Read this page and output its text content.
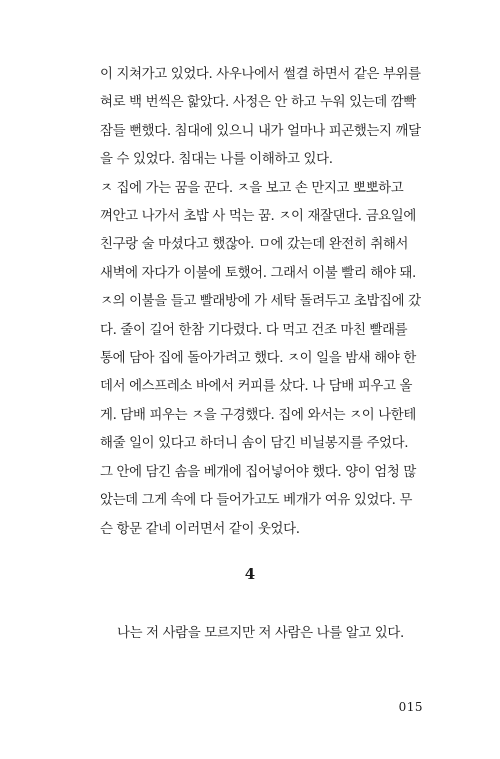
이 지쳐가고 있었다. 사우나에서 썰결 하면서 같은 부위를
혀로 백 번씩은 핥았다. 사정은 안 하고 누워 있는데 깜빡
잠들 뻔했다. 침대에 있으니 내가 얼마나 피곤했는지 깨달
을 수 있었다. 침대는 나를 이해하고 있다.
ㅈ 집에 가는 꿈을 꾼다. ㅈ을 보고 손 만지고 뽀뽀하고
껴안고 나가서 초밥 사 먹는 꿈. ㅈ이 재잘댄다. 금요일에
친구랑 술 마셨다고 했잖아. ㅁ에 갔는데 완전히 취해서
새벽에 자다가 이불에 토했어. 그래서 이불 빨리 해야 돼.
ㅈ의 이불을 들고 빨래방에 가 세탁 돌려두고 초밥집에 갔
다. 줄이 길어 한참 기다렸다. 다 먹고 건조 마친 빨래를
통에 담아 집에 돌아가려고 했다. ㅈ이 일을 밤새 해야 한
데서 에스프레소 바에서 커피를 샀다. 나 담배 피우고 올
게. 담배 피우는 ㅈ을 구경했다. 집에 와서는 ㅈ이 나한테
해줄 일이 있다고 하더니 솜이 담긴 비닐봉지를 주었다.
그 안에 담긴 솜을 베개에 집어넣어야 했다. 양이 엄청 많
았는데 그게 속에 다 들어가고도 베개가 여유 있었다. 무
슨 항문 같네 이러면서 같이 웃었다.
4
나는 저 사람을 모르지만 저 사람은 나를 알고 있다.
015
